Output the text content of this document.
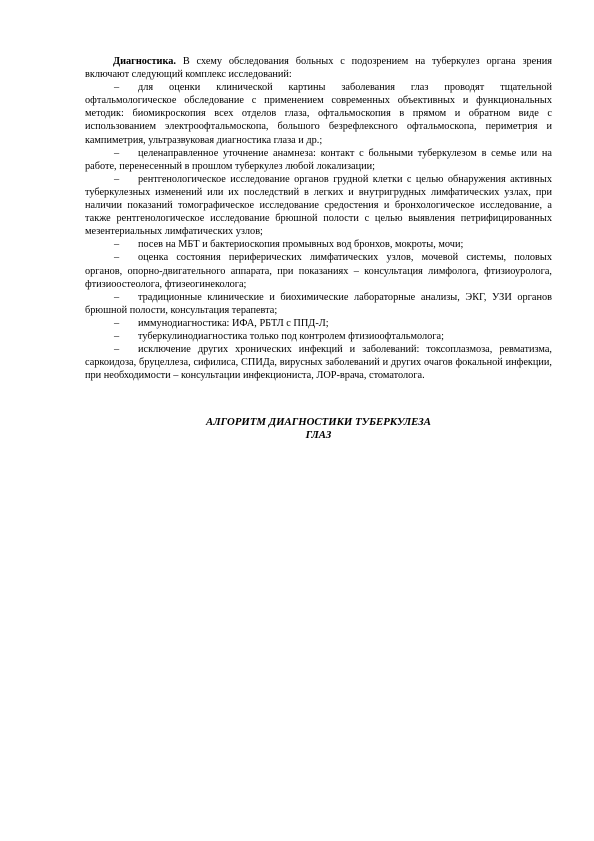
Диагностика. В схему обследования больных с подозрением на туберкулез органа зрения включают следующий комплекс исследований:

– для оценки клинической картины заболевания глаз проводят тщательной офтальмологическое обследование с применением современных объективных и функциональных методик: биомикроскопия всех отделов глаза, офтальмоскопия в прямом и обратном виде с использованием электроофтальмоскопа, большого безрефлексного офтальмоскопа, периметрия и кампиметрия, ультразвуковая диагностика глаза и др.;

– целенаправленное уточнение анамнеза: контакт с больными туберкулезом в семье или на работе, перенесенный в прошлом туберкулез любой локализации;

– рентгенологическое исследование органов грудной клетки с целью обнаружения активных туберкулезных изменений или их последствий в легких и внутригрудных лимфатических узлах, при наличии показаний томографическое исследование средостения и бронхологическое исследование, а также рентгенологическое исследование брюшной полости с целью выявления петрифицированных мезентериальных лимфатических узлов;

– посев на МБТ и бактериоскопия промывных вод бронхов, мокроты, мочи;

– оценка состояния периферических лимфатических узлов, мочевой системы, половых органов, опорно-двигательного аппарата, при показаниях – консультация лимфолога, фтизиоуролога, фтизиоостеолога, фтизеогинеколога;

– традиционные клинические и биохимические лабораторные анализы, ЭКГ, УЗИ органов брюшной полости, консультация терапевта;

– иммунодиагностика: ИФА, РБТЛ с ППД-Л;

– туберкулинодиагностика только под контролем фтизиоофтальмолога;

– исключение других хронических инфекций и заболеваний: токсоплазмоза, ревматизма, саркоидоза, бруцеллеза, сифилиса, СПИДа, вирусных заболеваний и других очагов фокальной инфекции, при необходимости – консультации инфекциониста, ЛОР-врача, стоматолога.

АЛГОРИТМ ДИАГНОСТИКИ ТУБЕРКУЛЕЗА
ГЛАЗ
